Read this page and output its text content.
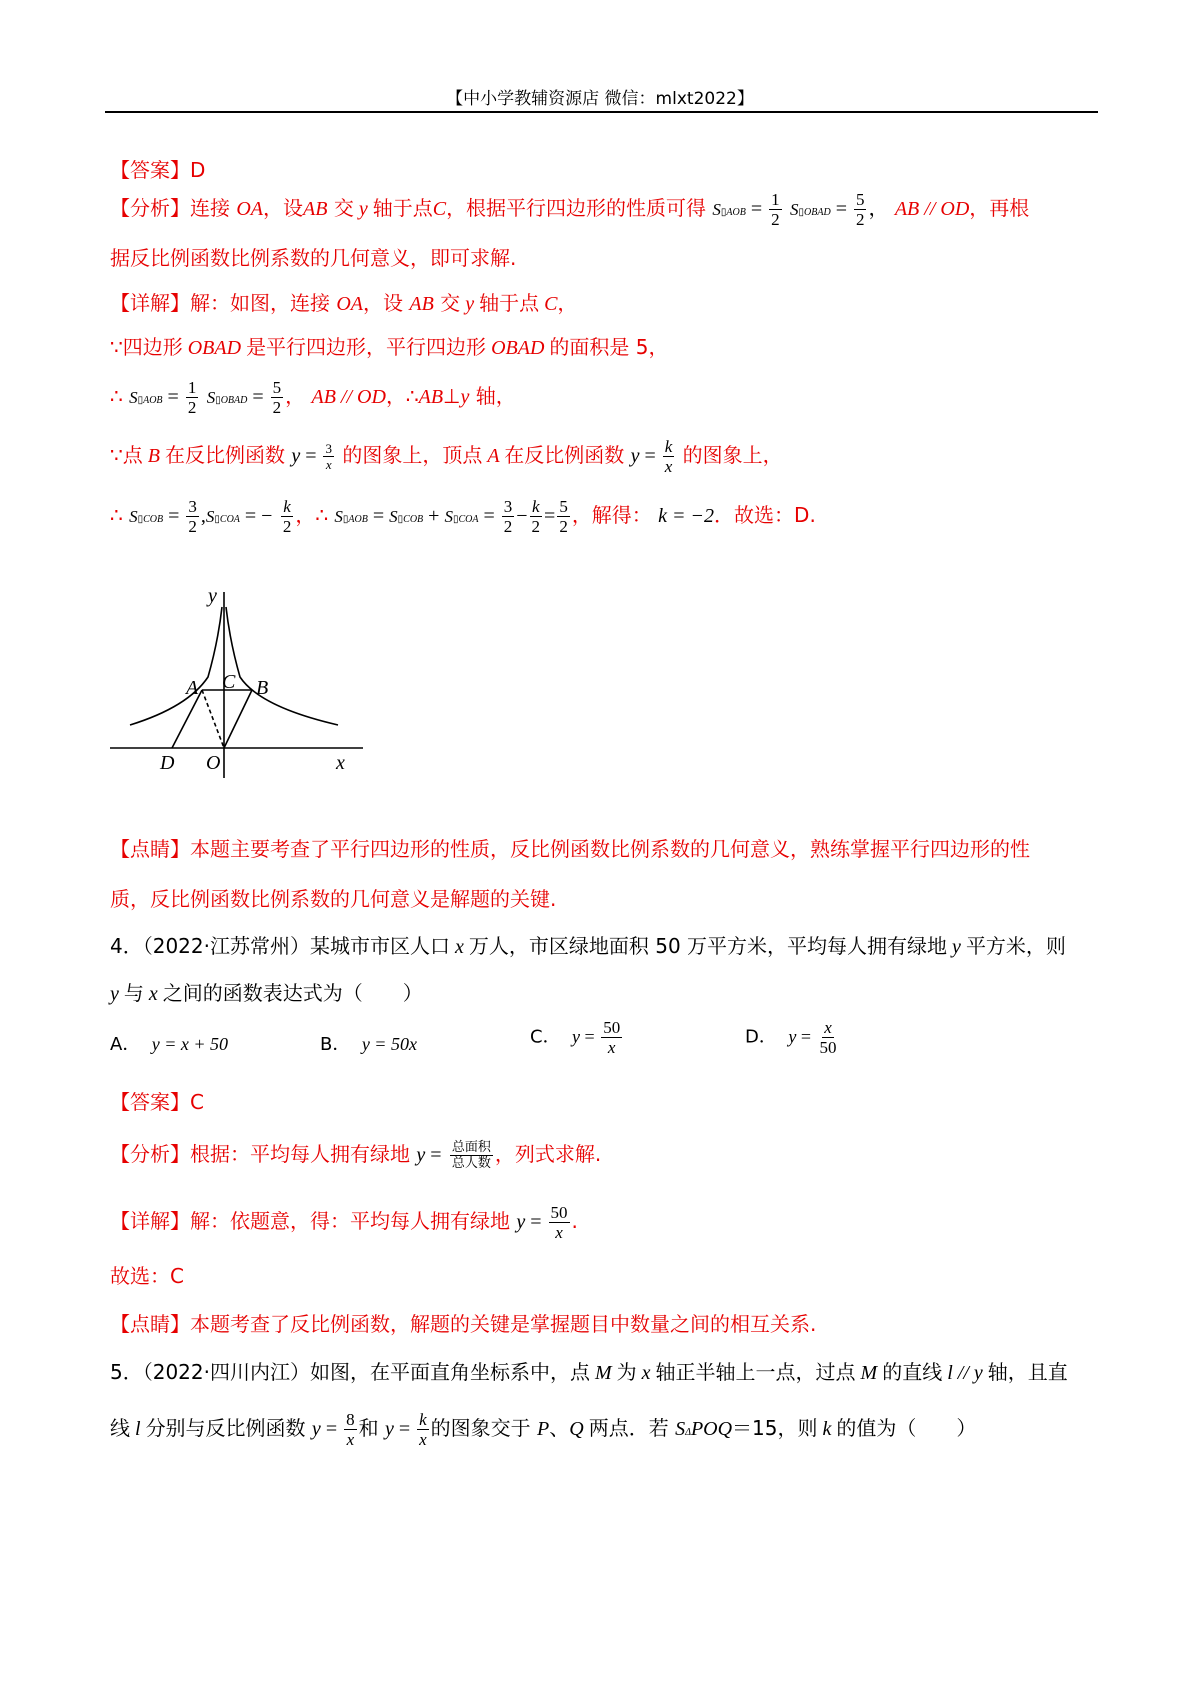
【中小学教辅资源店 微信：mlxt2022】
【答案】D
【分析】连接 OA，设AB 交 y 轴于点C，根据平行四边形的性质可得 S▯AOB = $\frac{1}{2}$ S▯OBAD = $\frac{5}{2}$ ， AB // OD，再根
据反比例函数比例系数的几何意义，即可求解.
【详解】解：如图，连接 OA，设 AB 交 y 轴于点 C，
∵四边形 OBAD 是平行四边形，平行四边形 OBAD 的面积是 5，
∴ S▯AOB = $\frac{1}{2}$ S▯OBAD = $\frac{5}{2}$ ， AB // OD，∴AB⊥y 轴，
∵点 B 在反比例函数 $y = \frac{3}{x}$ 的图象上，顶点 A 在反比例函数 $y = \frac{k}{x}$ 的图象上，
∴ S▯COB = $\frac{3}{2}$ ,S▯COA = − $\frac{k}{2}$ ，∴ S▯AOB = S▯COB + S▯COA = $\frac{3}{2} - \frac{k}{2} = \frac{5}{2}$ ，解得： k = −2．故选：D.
y
x
A	B
C
D O
【点睛】本题主要考查了平行四边形的性质，反比例函数比例系数的几何意义，熟练掌握平行四边形的性
质，反比例函数比例系数的几何意义是解题的关键.
4．（2022·江苏常州）某城市市区人口 x 万人，市区绿地面积 50 万平方米，平均每人拥有绿地 y 平方米，则
y 与 x 之间的函数表达式为（　　）
A． y = x + 50	B． y = 50x	C． $y = \frac{50}{x}$	D． $y = \frac{x}{50}$
【答案】C
【分析】根据：平均每人拥有绿地 $y = \frac{\text{总面积}}{\text{总人数}}$ ，列式求解.
【详解】解：依题意，得：平均每人拥有绿地 $y = \frac{50}{x}$ .
故选：C
【点睛】本题考查了反比例函数，解题的关键是掌握题目中数量之间的相互关系.
5．（2022·四川内江）如图，在平面直角坐标系中，点 M 为 x 轴正半轴上一点，过点 M 的直线 l // y 轴，且直
线 l 分别与反比例函数 $y = \frac{8}{x}$ 和 $y = \frac{k}{x}$ 的图象交于 P、Q 两点．若 SΔPOQ＝15，则 k 的值为（　　）
